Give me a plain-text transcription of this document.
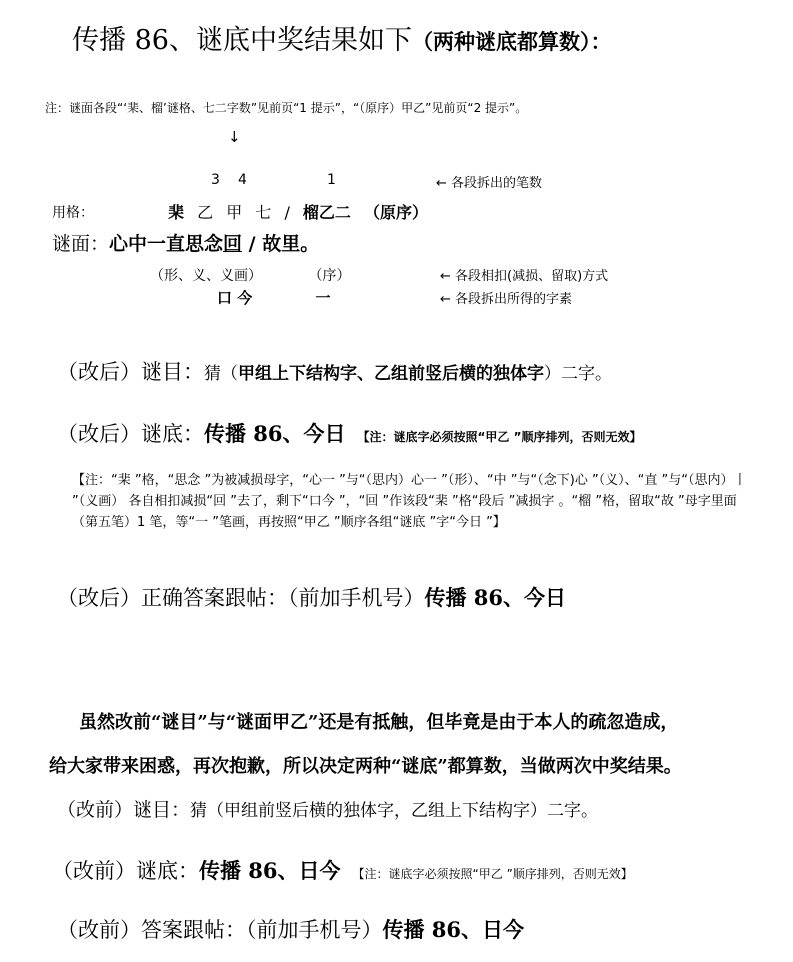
传播 86、谜底中奖结果如下（两种谜底都算数）：
注：谜面各段“‘棐、榴’谜格、七二字数”见前页“1 提示”，“（原序）甲乙”见前页“2 提示”。
↓
3 4	1	← 各段拆出的笔数
用格：	棐 乙 甲 七 / 榴乙二 （原序）
谜面：心中一直思念回 / 故里。
（形、义、义画）	（序）	← 各段相扣(减损、留取)方式
口 今	一	← 各段拆出所得的字素
（改后）谜目：猜（甲组上下结构字、乙组前竖后横的独体字）二字。
（改后）谜底：传播 86、今日 【注：谜底字必须按照“甲乙 ”顺序排列，否则无效】
【注：“棐 ”格，“思念 ”为被减损母字，“心一 ”与“（思内）心一 ”（形）、“中 ”与“（念下)心 ”（义）、“直 ”与“（思内）丨 ”（义画） 各自相扣减损“回 ”去了，剩下“口今 ”，“回 ”作该段“棐 ”格“段后 ”减损字 。“榴 ”格，留取“故 ”母字里面（第五笔）1 笔，等“一 ”笔画，再按照“甲乙 ”顺序各组“谜底 ”字“今日 ”】
（改后）正确答案跟帖：（前加手机号）传播 86、今日
虽然改前“谜目”与“谜面甲乙”还是有抵触，但毕竟是由于本人的疏忽造成，
给大家带来困惑，再次抱歉，所以决定两种“谜底”都算数，当做两次中奖结果。
（改前）谜目：猜（甲组前竖后横的独体字，乙组上下结构字）二字。
（改前）谜底：传播 86、日今 【注：谜底字必须按照“甲乙 ”顺序排列，否则无效】
（改前）答案跟帖：（前加手机号）传播 86、日今
